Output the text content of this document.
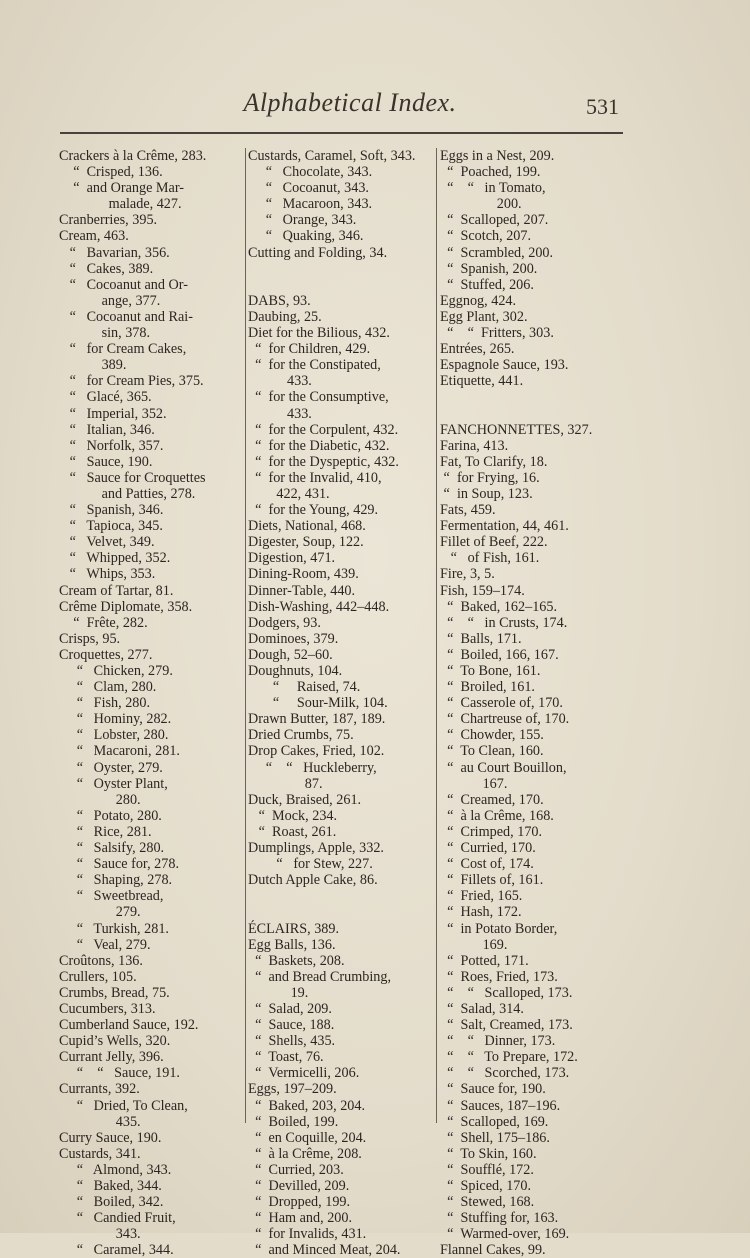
Alphabetical Index.	531
Crackers à la Crême, 283.
“  Crisped, 136.
“  and Orange Mar-
malade, 427.
Cranberries, 395.
Cream, 463.
“   Bavarian, 356.
“   Cakes, 389.
“   Cocoanut and Or-
ange, 377.
“   Cocoanut and Rai-
sin, 378.
“   for Cream Cakes,
389.
“   for Cream Pies, 375.
“   Glacé, 365.
“   Imperial, 352.
“   Italian, 346.
“   Norfolk, 357.
“   Sauce, 190.
“   Sauce for Croquettes
and Patties, 278.
“   Spanish, 346.
“   Tapioca, 345.
“   Velvet, 349.
“   Whipped, 352.
“   Whips, 353.
Cream of Tartar, 81.
Crême Diplomate, 358.
“  Frête, 282.
Crisps, 95.
Croquettes, 277.
“   Chicken, 279.
“   Clam, 280.
“   Fish, 280.
“   Hominy, 282.
“   Lobster, 280.
“   Macaroni, 281.
“   Oyster, 279.
“   Oyster Plant,
280.
“   Potato, 280.
“   Rice, 281.
“   Salsify, 280.
“   Sauce for, 278.
“   Shaping, 278.
“   Sweetbread,
279.
“   Turkish, 281.
“   Veal, 279.
Croûtons, 136.
Crullers, 105.
Crumbs, Bread, 75.
Cucumbers, 313.
Cumberland Sauce, 192.
Cupid’s Wells, 320.
Currant Jelly, 396.
“    “   Sauce, 191.
Currants, 392.
“   Dried, To Clean,
435.
Curry Sauce, 190.
Custards, 341.
“   Almond, 343.
“   Baked, 344.
“   Boiled, 342.
“   Candied Fruit,
343.
“   Caramel, 344.
Custards, Caramel, Soft, 343.
“   Chocolate, 343.
“   Cocoanut, 343.
“   Macaroon, 343.
“   Orange, 343.
“   Quaking, 346.
Cutting and Folding, 34.
DABS, 93.
Daubing, 25.
Diet for the Bilious, 432.
“  for Children, 429.
“  for the Constipated,
433.
“  for the Consumptive,
433.
“  for the Corpulent, 432.
“  for the Diabetic, 432.
“  for the Dyspeptic, 432.
“  for the Invalid, 410,
422, 431.
“  for the Young, 429.
Diets, National, 468.
Digester, Soup, 122.
Digestion, 471.
Dining-Room, 439.
Dinner-Table, 440.
Dish-Washing, 442–448.
Dodgers, 93.
Dominoes, 379.
Dough, 52–60.
Doughnuts, 104.
“     Raised, 74.
“     Sour-Milk, 104.
Drawn Butter, 187, 189.
Dried Crumbs, 75.
Drop Cakes, Fried, 102.
“    “   Huckleberry,
87.
Duck, Braised, 261.
“  Mock, 234.
“  Roast, 261.
Dumplings, Apple, 332.
“   for Stew, 227.
Dutch Apple Cake, 86.
ÉCLAIRS, 389.
Egg Balls, 136.
“  Baskets, 208.
“  and Bread Crumbing,
19.
“  Salad, 209.
“  Sauce, 188.
“  Shells, 435.
“  Toast, 76.
“  Vermicelli, 206.
Eggs, 197–209.
“  Baked, 203, 204.
“  Boiled, 199.
“  en Coquille, 204.
“  à la Crême, 208.
“  Curried, 203.
“  Devilled, 209.
“  Dropped, 199.
“  Ham and, 200.
“  for Invalids, 431.
“  and Minced Meat, 204.
Eggs in a Nest, 209.
“  Poached, 199.
“    “   in Tomato,
200.
“  Scalloped, 207.
“  Scotch, 207.
“  Scrambled, 200.
“  Spanish, 200.
“  Stuffed, 206.
Eggnog, 424.
Egg Plant, 302.
“    “  Fritters, 303.
Entrées, 265.
Espagnole Sauce, 193.
Etiquette, 441.
FANCHONNETTES, 327.
Farina, 413.
Fat, To Clarify, 18.
“  for Frying, 16.
“  in Soup, 123.
Fats, 459.
Fermentation, 44, 461.
Fillet of Beef, 222.
“   of Fish, 161.
Fire, 3, 5.
Fish, 159–174.
“  Baked, 162–165.
“    “   in Crusts, 174.
“  Balls, 171.
“  Boiled, 166, 167.
“  To Bone, 161.
“  Broiled, 161.
“  Casserole of, 170.
“  Chartreuse of, 170.
“  Chowder, 155.
“  To Clean, 160.
“  au Court Bouillon,
167.
“  Creamed, 170.
“  à la Crême, 168.
“  Crimped, 170.
“  Curried, 170.
“  Cost of, 174.
“  Fillets of, 161.
“  Fried, 165.
“  Hash, 172.
“  in Potato Border,
169.
“  Potted, 171.
“  Roes, Fried, 173.
“    “   Scalloped, 173.
“  Salad, 314.
“  Salt, Creamed, 173.
“    “   Dinner, 173.
“    “   To Prepare, 172.
“    “   Scorched, 173.
“  Sauce for, 190.
“  Sauces, 187–196.
“  Scalloped, 169.
“  Shell, 175–186.
“  To Skin, 160.
“  Soufflé, 172.
“  Spiced, 170.
“  Stewed, 168.
“  Stuffing for, 163.
“  Warmed-over, 169.
Flannel Cakes, 99.
